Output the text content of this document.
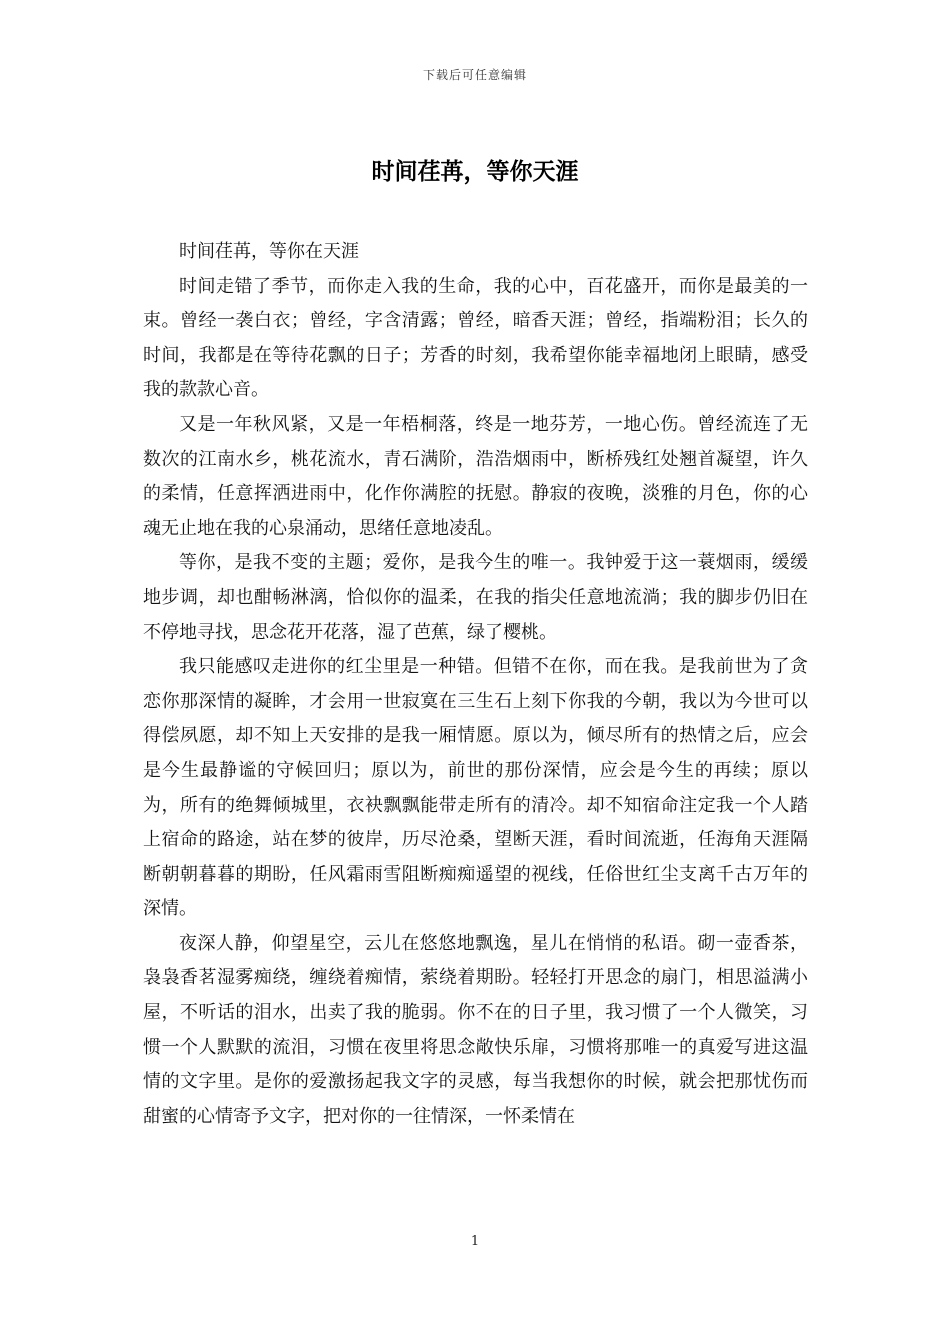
下载后可任意编辑
时间荏苒，等你天涯

时间荏苒，等你在天涯

时间走错了季节，而你走入我的生命，我的心中，百花盛开，而你是最美的一束。曾经一袭白衣；曾经，字含清露；曾经，暗香天涯；曾经，指端粉泪；长久的时间，我都是在等待花飘的日子；芳香的时刻，我希望你能幸福地闭上眼睛，感受我的款款心音。

又是一年秋风紧，又是一年梧桐落，终是一地芬芳，一地心伤。曾经流连了无数次的江南水乡，桃花流水，青石满阶，浩浩烟雨中，断桥残红处翘首凝望，许久的柔情，任意挥洒进雨中，化作你满腔的抚慰。静寂的夜晚，淡雅的月色，你的心魂无止地在我的心泉涌动，思绪任意地凌乱。

等你，是我不变的主题；爱你，是我今生的唯一。我钟爱于这一蓑烟雨，缓缓地步调，却也酣畅淋漓，恰似你的温柔，在我的指尖任意地流淌；我的脚步仍旧在不停地寻找，思念花开花落，湿了芭蕉，绿了樱桃。

我只能感叹走进你的红尘里是一种错。但错不在你，而在我。是我前世为了贪恋你那深情的凝眸，才会用一世寂寞在三生石上刻下你我的今朝，我以为今世可以得偿夙愿，却不知上天安排的是我一厢情愿。原以为，倾尽所有的热情之后，应会是今生最静谧的守候回归；原以为，前世的那份深情，应会是今生的再续；原以为，所有的绝舞倾城里，衣袂飘飘能带走所有的清冷。却不知宿命注定我一个人踏上宿命的路途，站在梦的彼岸，历尽沧桑，望断天涯，看时间流逝，任海角天涯隔断朝朝暮暮的期盼，任风霜雨雪阻断痴痴遥望的视线，任俗世红尘支离千古万年的深情。

夜深人静，仰望星空，云儿在悠悠地飘逸，星儿在悄悄的私语。砌一壶香茶，袅袅香茗湿雾痴绕，缠绕着痴情，萦绕着期盼。轻轻打开思念的扇门，相思溢满小屋，不听话的泪水，出卖了我的脆弱。你不在的日子里，我习惯了一个人微笑，习惯一个人默默的流泪，习惯在夜里将思念敞快乐扉，习惯将那唯一的真爱写进这温情的文字里。是你的爱激扬起我文字的灵感，每当我想你的时候，就会把那忧伤而甜蜜的心情寄予文字，把对你的一往情深，一怀柔情在

1
